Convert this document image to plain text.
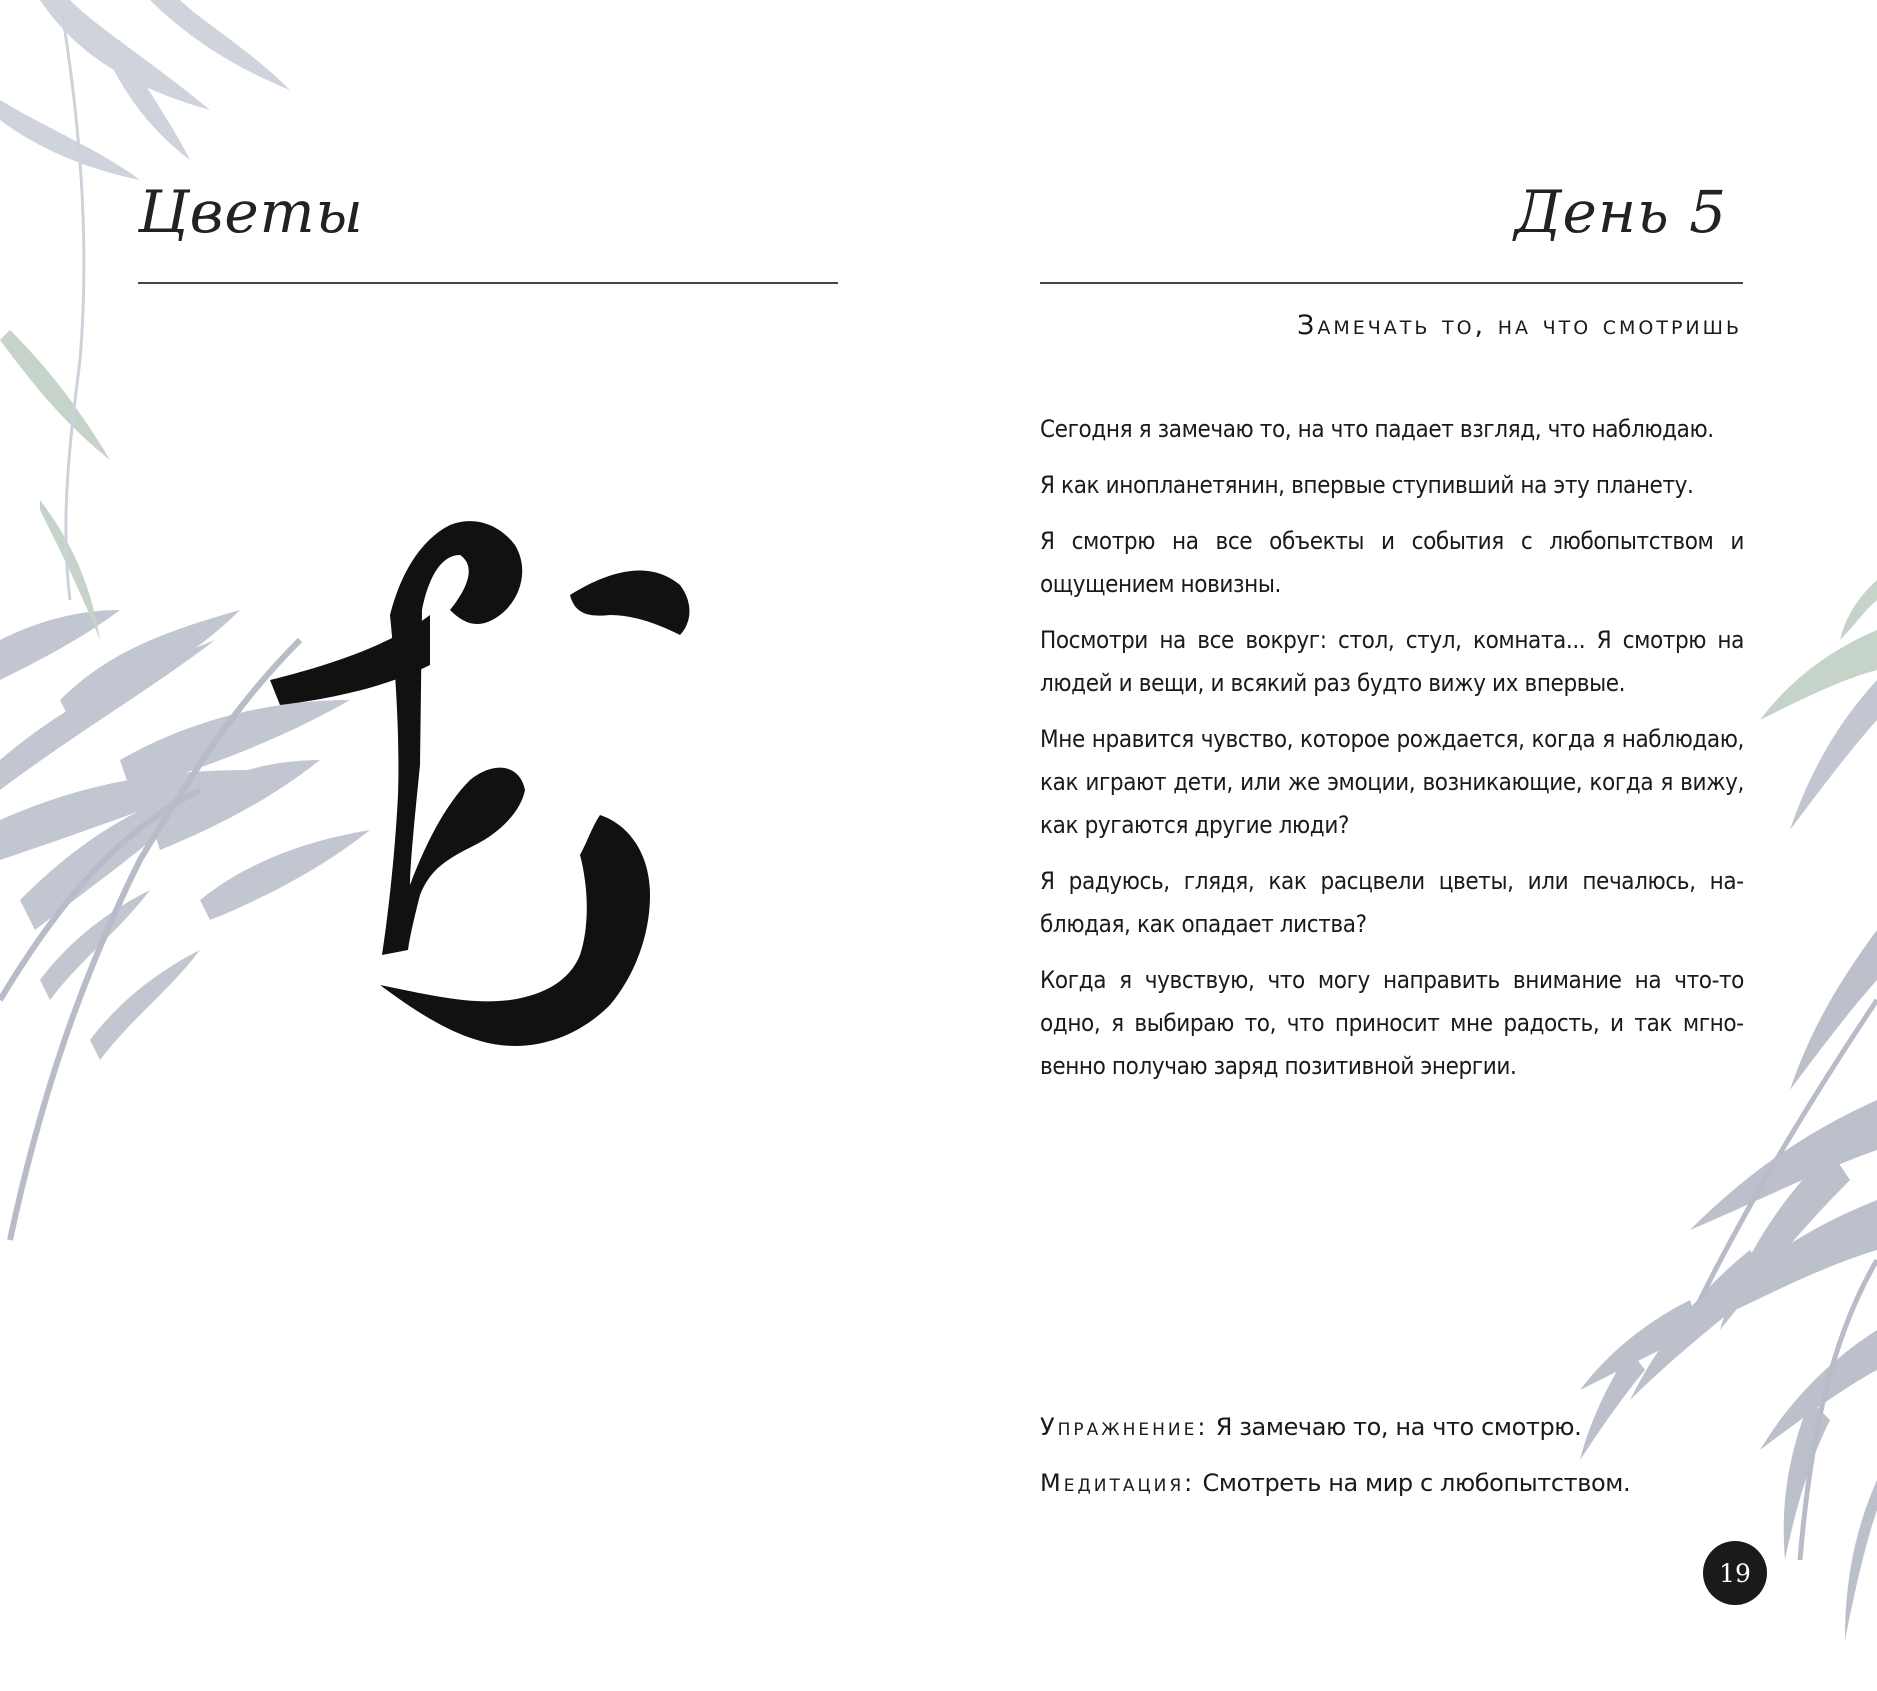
Цветы	День 5
Замечать то, на что смотришь

Сегодня я замечаю то, на что падает взгляд, что наблюдаю.

Я как инопланетянин, впервые ступивший на эту планету.

Я смотрю на все объекты и события с любопытством и ощущением новизны.

Посмотри на все вокруг: стол, стул, комната... Я смотрю на людей и вещи, и всякий раз будто вижу их впервые.

Мне нравится чувство, которое рождается, когда я наблюдаю, как играют дети, или же эмоции, возникающие, когда я вижу, как ругаются другие люди?

Я радуюсь, глядя, как расцвели цветы, или печалюсь, наблюдая, как опадает листва?

Когда я чувствую, что могу направить внимание на что-то одно, я выбираю то, что приносит мне радость, и так мгновенно получаю заряд позитивной энергии.

Упражнение: Я замечаю то, на что смотрю.

Медитация: Смотреть на мир с любопытством.

19
